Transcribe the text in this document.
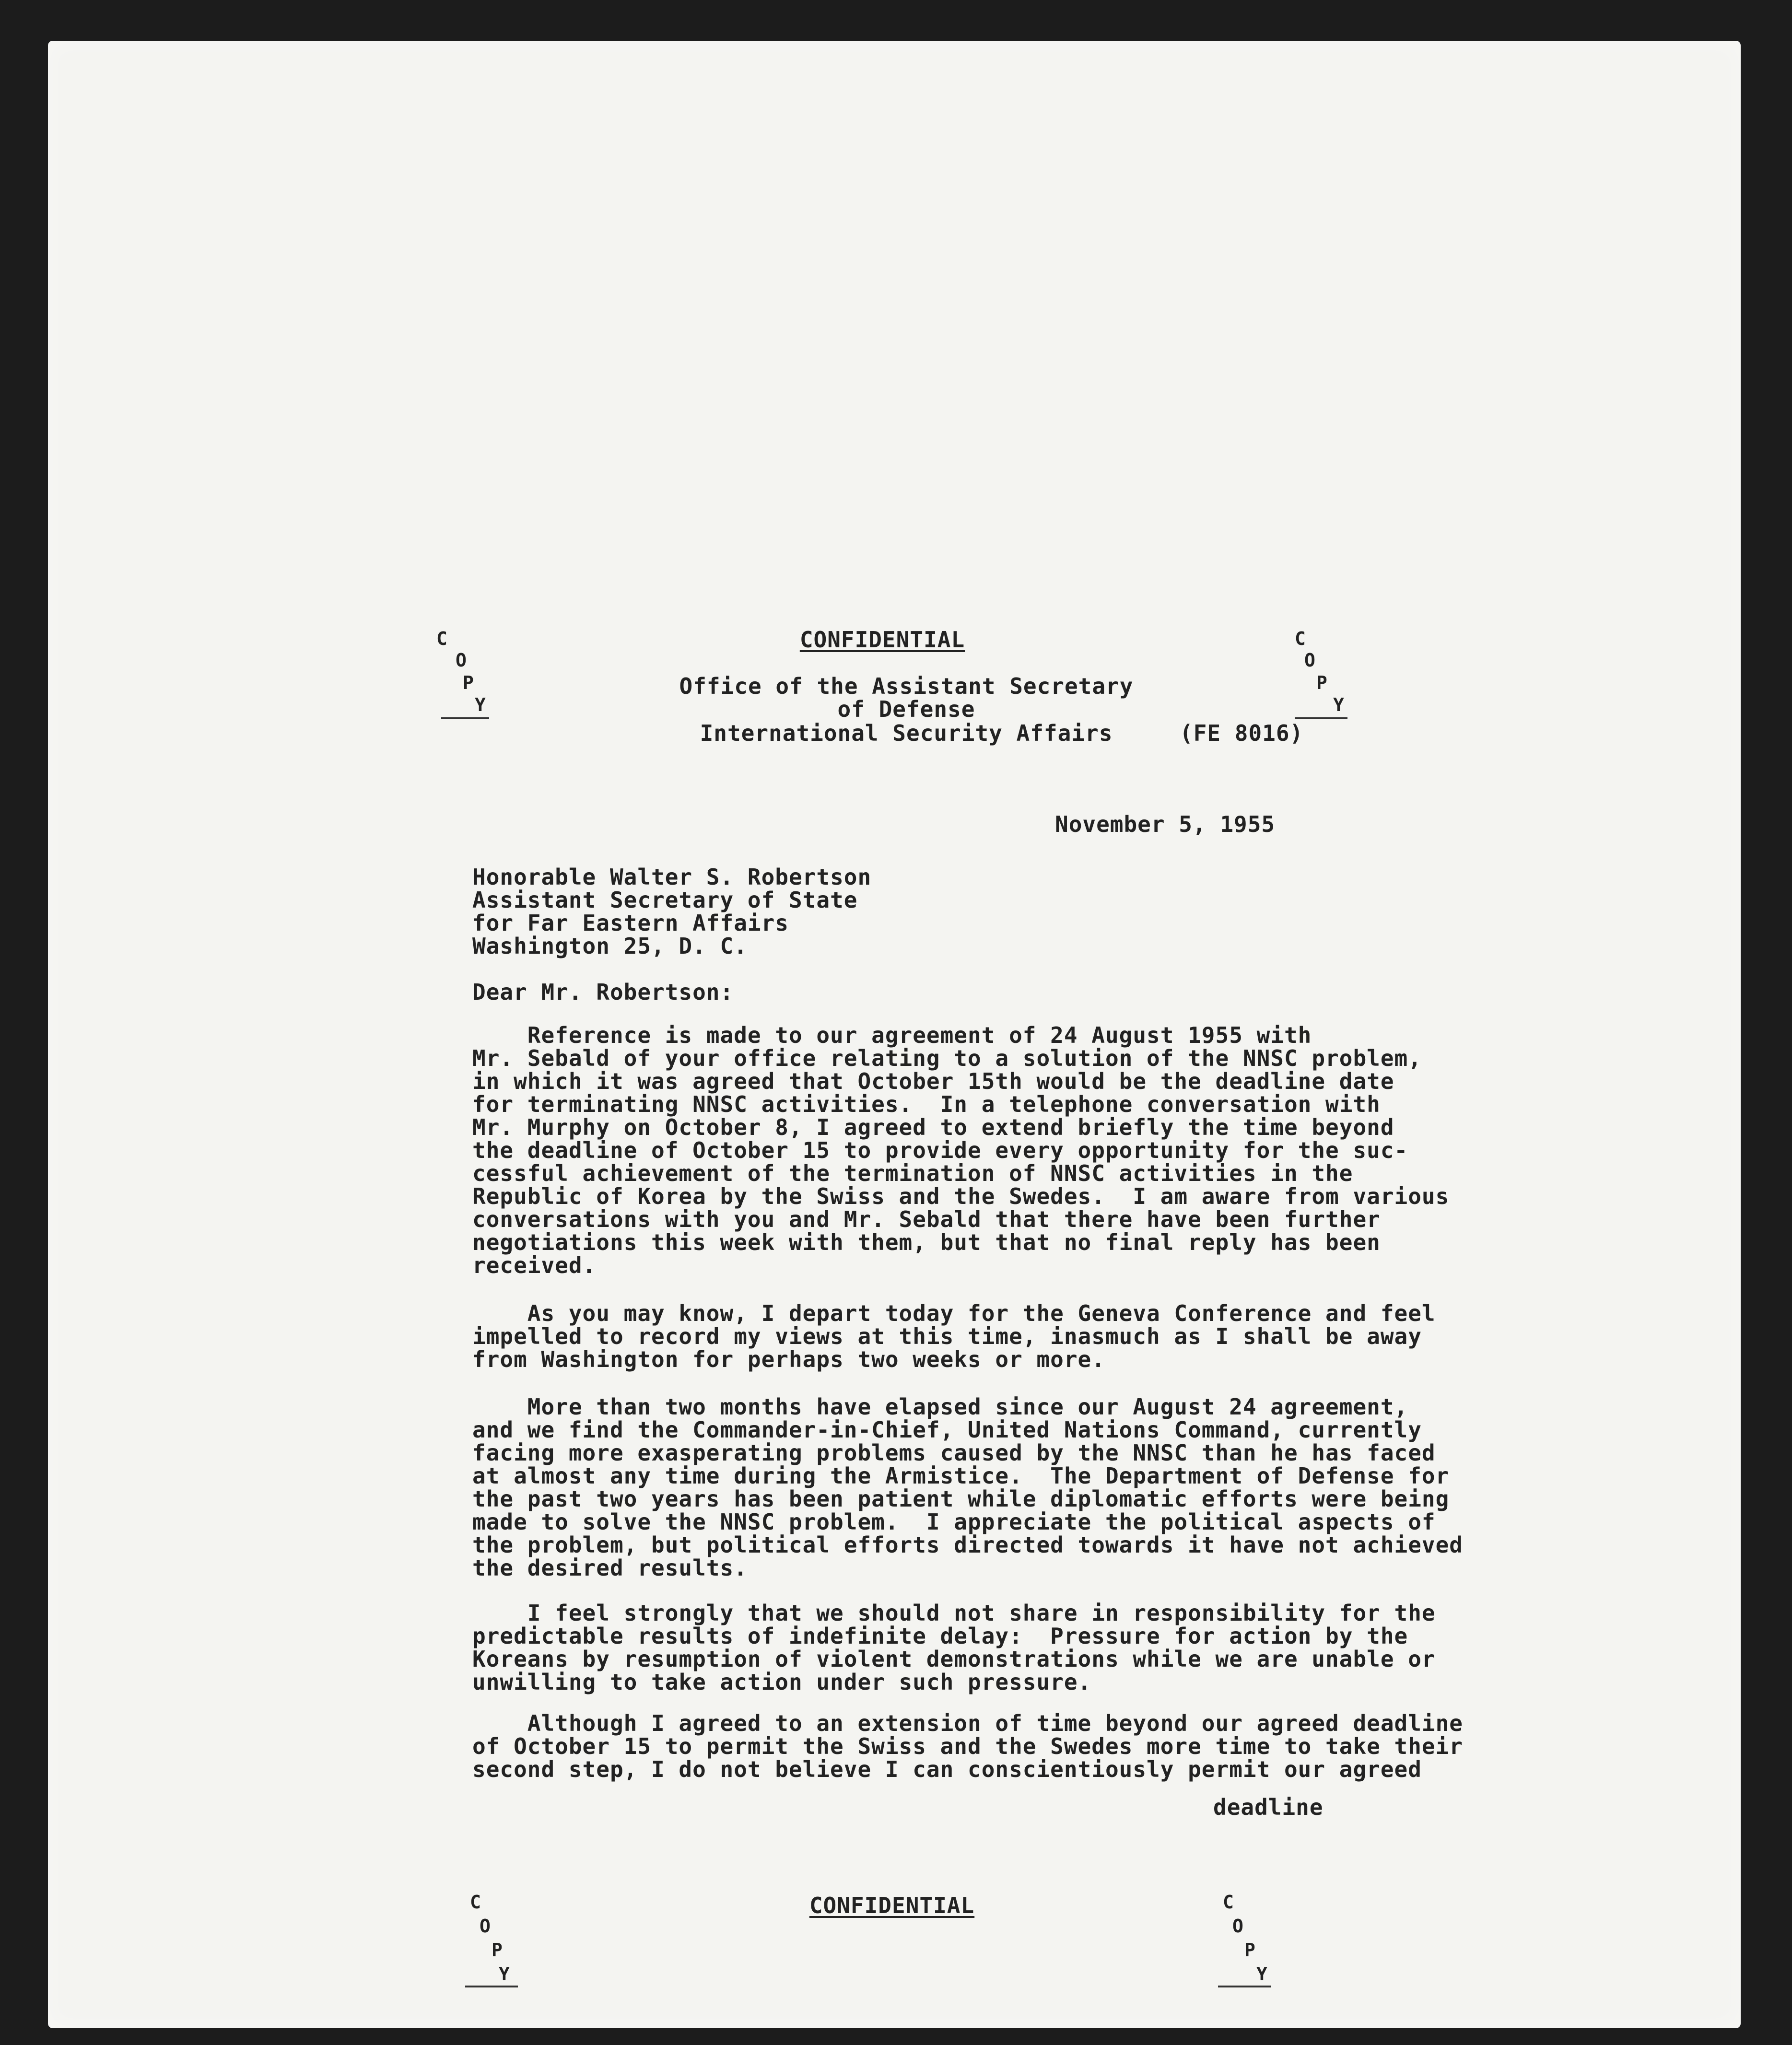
C
O
P
Y
C
O
P
Y
CONFIDENTIAL
Office of the Assistant Secretary
of Defense
International Security Affairs	(FE 8016)
November 5, 1955
Honorable Walter S. Robertson
Assistant Secretary of State
for Far Eastern Affairs
Washington 25, D. C.
Dear Mr. Robertson:
Reference is made to our agreement of 24 August 1955 with
Mr. Sebald of your office relating to a solution of the NNSC problem,
in which it was agreed that October 15th would be the deadline date
for terminating NNSC activities.  In a telephone conversation with
Mr. Murphy on October 8, I agreed to extend briefly the time beyond
the deadline of October 15 to provide every opportunity for the suc-
cessful achievement of the termination of NNSC activities in the
Republic of Korea by the Swiss and the Swedes.  I am aware from various
conversations with you and Mr. Sebald that there have been further
negotiations this week with them, but that no final reply has been
received.
As you may know, I depart today for the Geneva Conference and feel
impelled to record my views at this time, inasmuch as I shall be away
from Washington for perhaps two weeks or more.
More than two months have elapsed since our August 24 agreement,
and we find the Commander-in-Chief, United Nations Command, currently
facing more exasperating problems caused by the NNSC than he has faced
at almost any time during the Armistice.  The Department of Defense for
the past two years has been patient while diplomatic efforts were being
made to solve the NNSC problem.  I appreciate the political aspects of
the problem, but political efforts directed towards it have not achieved
the desired results.
I feel strongly that we should not share in responsibility for the
predictable results of indefinite delay:  Pressure for action by the
Koreans by resumption of violent demonstrations while we are unable or
unwilling to take action under such pressure.
Although I agreed to an extension of time beyond our agreed deadline
of October 15 to permit the Swiss and the Swedes more time to take their
second step, I do not believe I can conscientiously permit our agreed
deadline
CONFIDENTIAL
C
O
P
Y
C
O
P
Y
